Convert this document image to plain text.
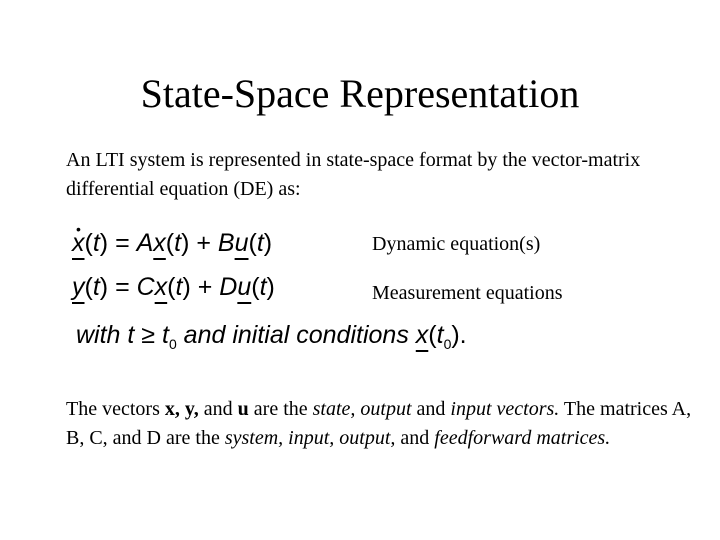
State-Space Representation
An LTI system is represented in state-space format by the vector-matrix differential equation (DE) as:
• x(t) = Ax(t) + Bu(t)	Dynamic equation(s)
y(t) = Cx(t) + Du(t)	Measurement equations
with $t \ge t_0$ and initial conditions $x(t_0)$.
The vectors x, y, and u are the state, output and input vectors. The matrices A, B, C, and D are the system, input, output, and feedforward matrices.
